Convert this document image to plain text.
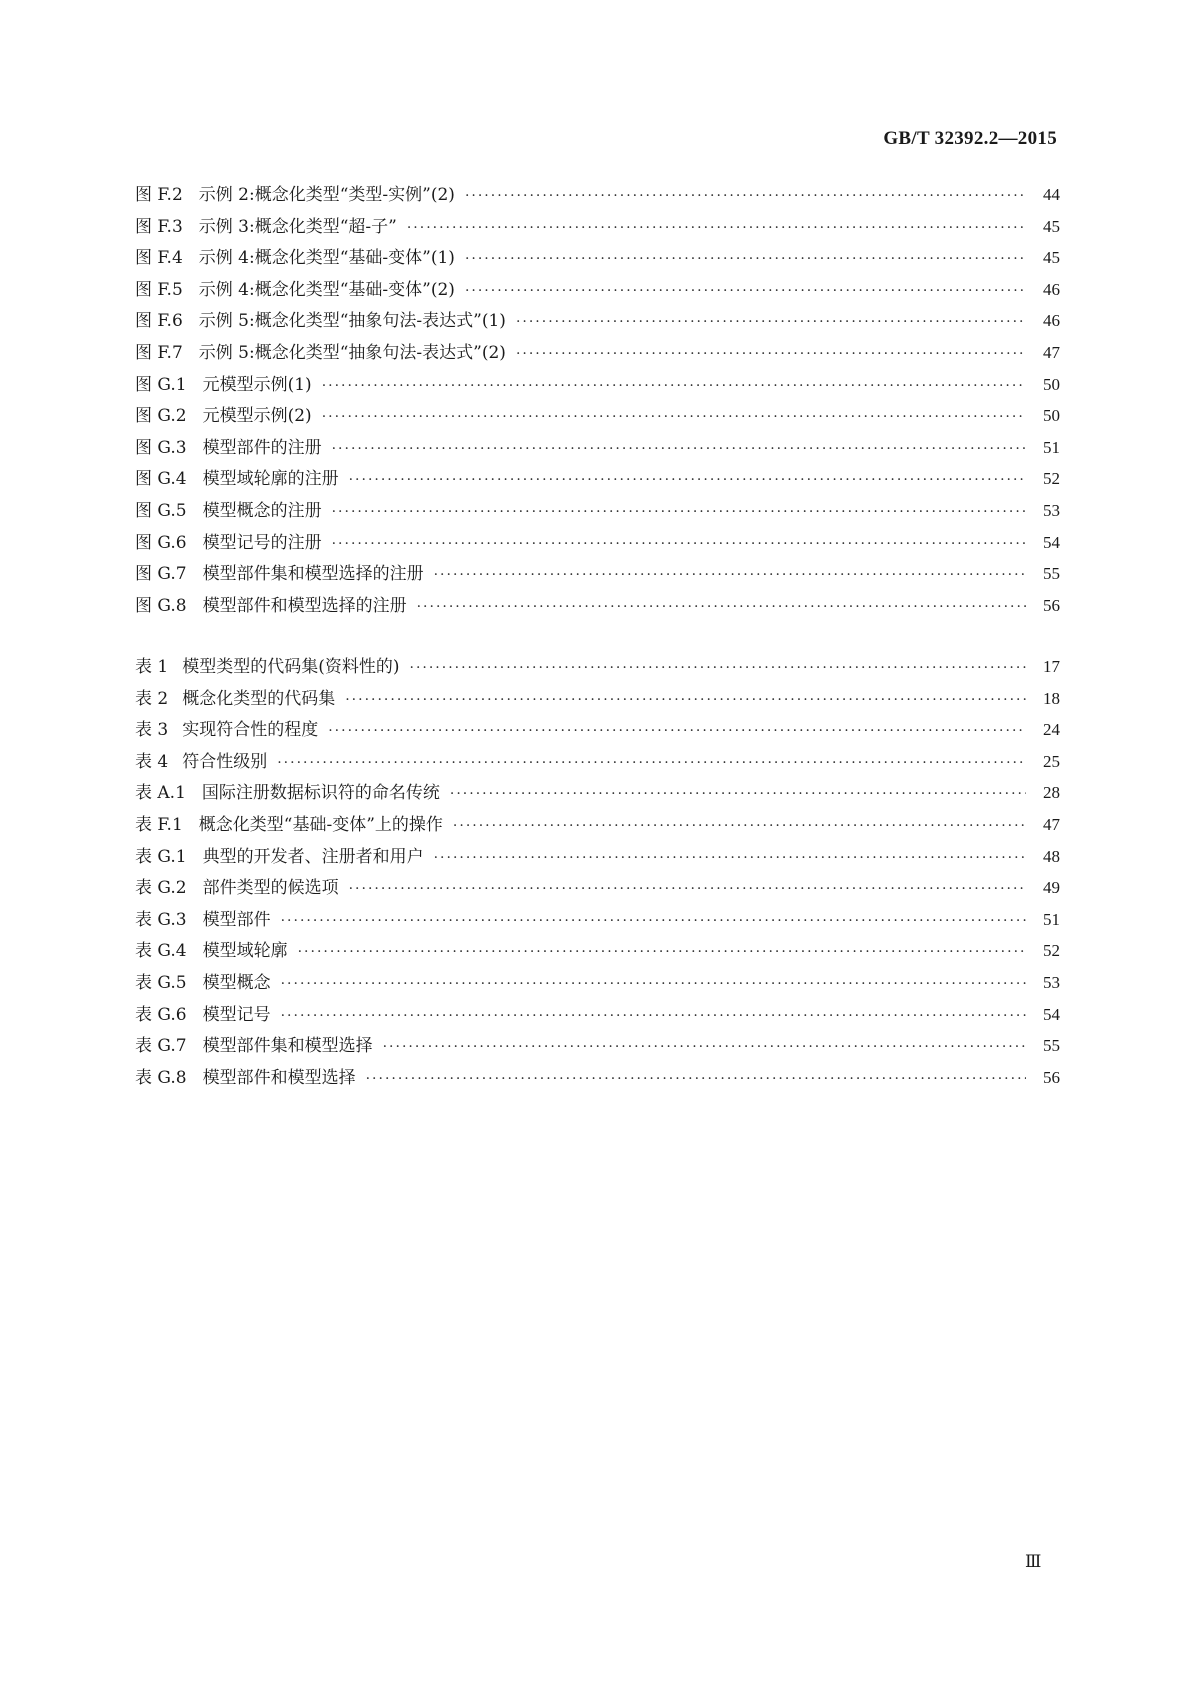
GB/T 32392.2—2015
图 F.2 示例 2:概念化类型“类型-实例”(2) ·····	44
图 F.3 示例 3:概念化类型“超-子” ·····	45
图 F.4 示例 4:概念化类型“基础-变体”(1) ·····	45
图 F.5 示例 4:概念化类型“基础-变体”(2) ·····	46
图 F.6 示例 5:概念化类型“抽象句法-表达式”(1) ·····	46
图 F.7 示例 5:概念化类型“抽象句法-表达式”(2) ·····	47
图 G.1 元模型示例(1) ·····	50
图 G.2 元模型示例(2) ·····	50
图 G.3 模型部件的注册 ·····	51
图 G.4 模型域轮廓的注册 ·····	52
图 G.5 模型概念的注册 ·····	53
图 G.6 模型记号的注册 ·····	54
图 G.7 模型部件集和模型选择的注册 ·····	55
图 G.8 模型部件和模型选择的注册 ·····	56
表 1 模型类型的代码集(资料性的) ·····	17
表 2 概念化类型的代码集 ·····	18
表 3 实现符合性的程度 ·····	24
表 4 符合性级别 ·····	25
表 A.1 国际注册数据标识符的命名传统 ·····	28
表 F.1 概念化类型“基础-变体”上的操作 ·····	47
表 G.1 典型的开发者、注册者和用户 ·····	48
表 G.2 部件类型的候选项 ·····	49
表 G.3 模型部件 ·····	51
表 G.4 模型域轮廓 ·····	52
表 G.5 模型概念 ·····	53
表 G.6 模型记号 ·····	54
表 G.7 模型部件集和模型选择 ·····	55
表 G.8 模型部件和模型选择 ·····	56
Ⅲ
